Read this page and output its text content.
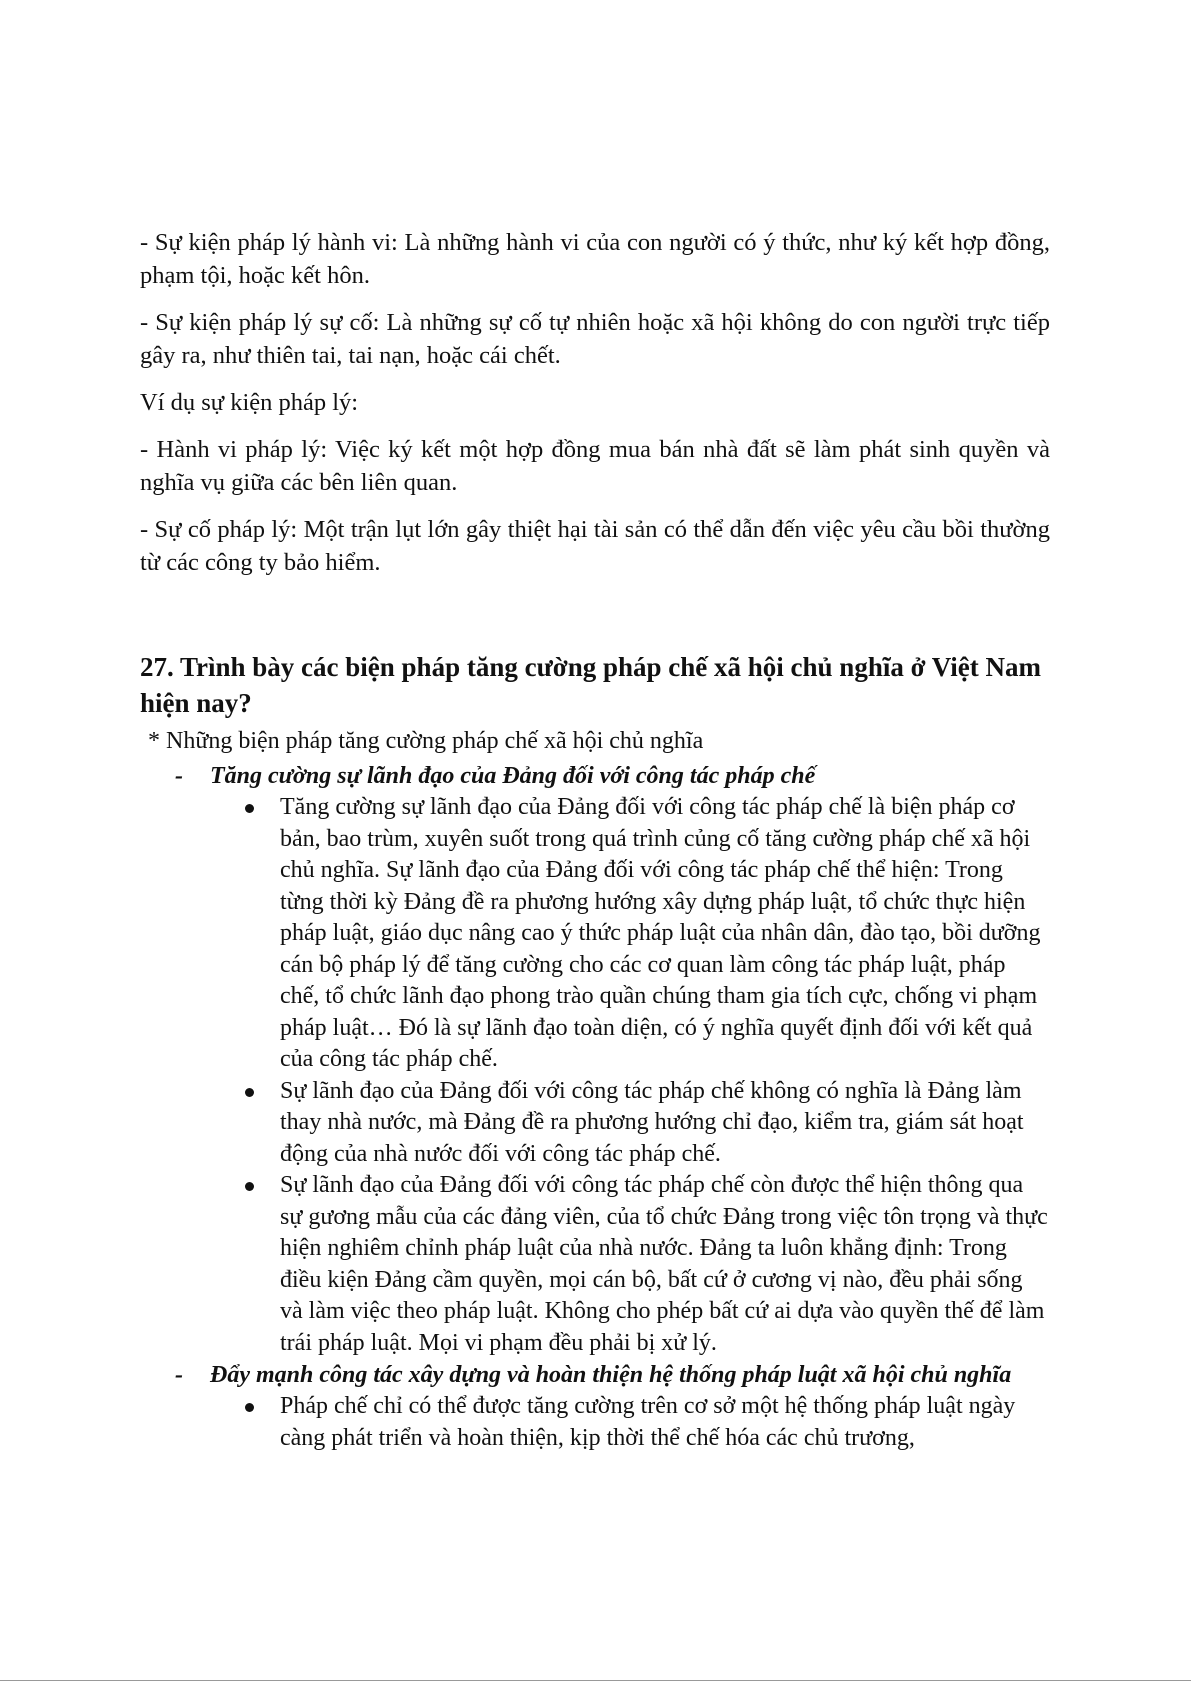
- Sự kiện pháp lý hành vi: Là những hành vi của con người có ý thức, như ký kết hợp đồng, phạm tội, hoặc kết hôn.

- Sự kiện pháp lý sự cố: Là những sự cố tự nhiên hoặc xã hội không do con người trực tiếp gây ra, như thiên tai, tai nạn, hoặc cái chết.

Ví dụ sự kiện pháp lý:

- Hành vi pháp lý: Việc ký kết một hợp đồng mua bán nhà đất sẽ làm phát sinh quyền và nghĩa vụ giữa các bên liên quan.

- Sự cố pháp lý: Một trận lụt lớn gây thiệt hại tài sản có thể dẫn đến việc yêu cầu bồi thường từ các công ty bảo hiểm.

27. Trình bày các biện pháp tăng cường pháp chế xã hội chủ nghĩa ở Việt Nam hiện nay?

* Những biện pháp tăng cường pháp chế xã hội chủ nghĩa

- Tăng cường sự lãnh đạo của Đảng đối với công tác pháp chế

Tăng cường sự lãnh đạo của Đảng đối với công tác pháp chế là biện pháp cơ bản, bao trùm, xuyên suốt trong quá trình củng cố tăng cường pháp chế xã hội chủ nghĩa. Sự lãnh đạo của Đảng đối với công tác pháp chế thể hiện: Trong từng thời kỳ Đảng đề ra phương hướng xây dựng pháp luật, tổ chức thực hiện pháp luật, giáo dục nâng cao ý thức pháp luật của nhân dân, đào tạo, bồi dưỡng cán bộ pháp lý để tăng cường cho các cơ quan làm công tác pháp luật, pháp chế, tổ chức lãnh đạo phong trào quần chúng tham gia tích cực, chống vi phạm pháp luật… Đó là sự lãnh đạo toàn diện, có ý nghĩa quyết định đối với kết quả của công tác pháp chế.
Sự lãnh đạo của Đảng đối với công tác pháp chế không có nghĩa là Đảng làm thay nhà nước, mà Đảng đề ra phương hướng chỉ đạo, kiểm tra, giám sát hoạt động của nhà nước đối với công tác pháp chế.
Sự lãnh đạo của Đảng đối với công tác pháp chế còn được thể hiện thông qua sự gương mẫu của các đảng viên, của tổ chức Đảng trong việc tôn trọng và thực hiện nghiêm chỉnh pháp luật của nhà nước. Đảng ta luôn khẳng định: Trong điều kiện Đảng cầm quyền, mọi cán bộ, bất cứ ở cương vị nào, đều phải sống và làm việc theo pháp luật. Không cho phép bất cứ ai dựa vào quyền thế để làm trái pháp luật. Mọi vi phạm đều phải bị xử lý.
- Đẩy mạnh công tác xây dựng và hoàn thiện hệ thống pháp luật xã hội chủ nghĩa

Pháp chế chỉ có thể được tăng cường trên cơ sở một hệ thống pháp luật ngày càng phát triển và hoàn thiện, kịp thời thể chế hóa các chủ trương,
